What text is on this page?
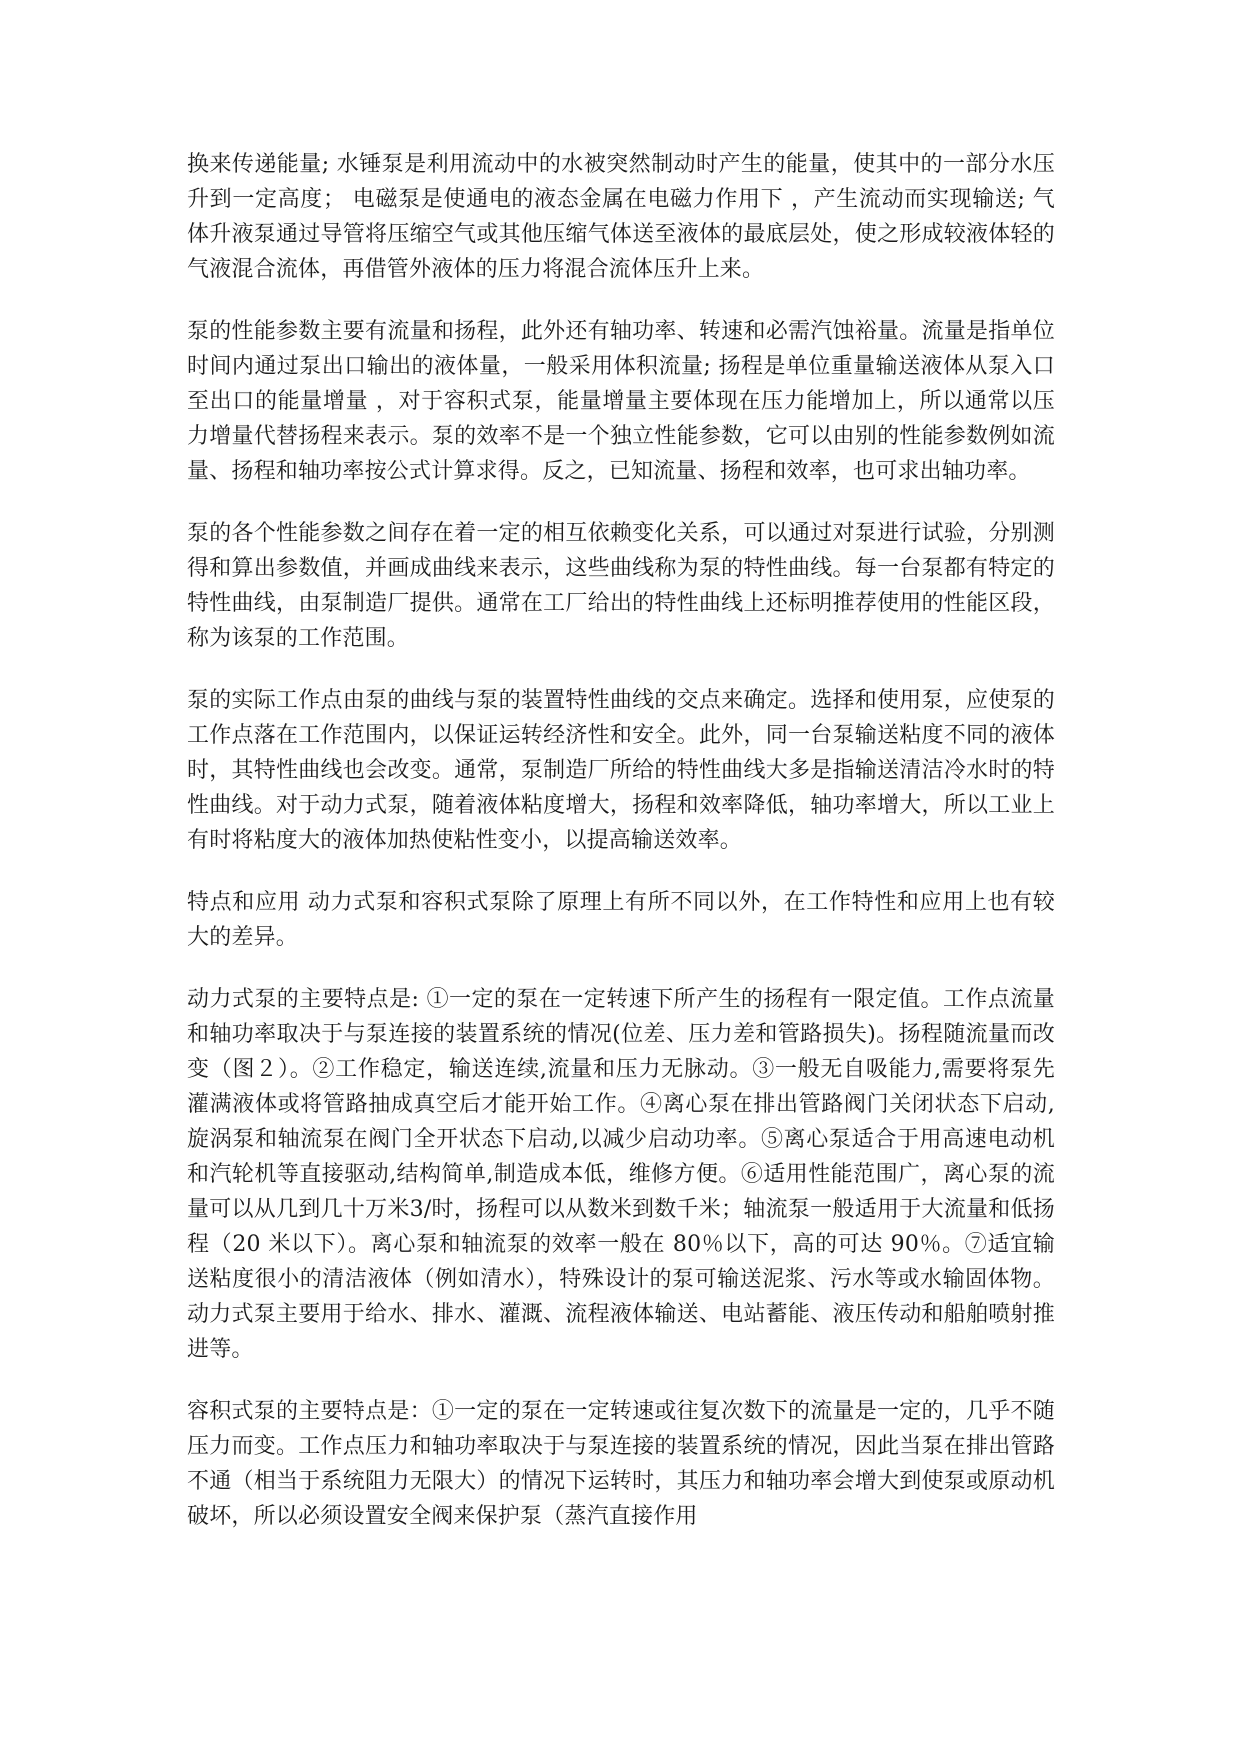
换来传递能量; 水锤泵是利用流动中的水被突然制动时产生的能量，使其中的一部分水压升到一定高度； 电磁泵是使通电的液态金属在电磁力作用下 ，产生流动而实现输送; 气体升液泵通过导管将压缩空气或其他压缩气体送至液体的最底层处，使之形成较液体轻的气液混合流体，再借管外液体的压力将混合流体压升上来。

泵的性能参数主要有流量和扬程，此外还有轴功率、转速和必需汽蚀裕量。流量是指单位时间内通过泵出口输出的液体量，一般采用体积流量; 扬程是单位重量输送液体从泵入口至出口的能量增量 ，对于容积式泵，能量增量主要体现在压力能增加上，所以通常以压力增量代替扬程来表示。泵的效率不是一个独立性能参数，它可以由别的性能参数例如流量、扬程和轴功率按公式计算求得。反之，已知流量、扬程和效率，也可求出轴功率。

泵的各个性能参数之间存在着一定的相互依赖变化关系，可以通过对泵进行试验，分别测得和算出参数值，并画成曲线来表示，这些曲线称为泵的特性曲线。每一台泵都有特定的特性曲线，由泵制造厂提供。通常在工厂给出的特性曲线上还标明推荐使用的性能区段，称为该泵的工作范围。

泵的实际工作点由泵的曲线与泵的装置特性曲线的交点来确定。选择和使用泵，应使泵的工作点落在工作范围内，以保证运转经济性和安全。此外，同一台泵输送粘度不同的液体时，其特性曲线也会改变。通常，泵制造厂所给的特性曲线大多是指输送清洁冷水时的特性曲线。对于动力式泵，随着液体粘度增大，扬程和效率降低，轴功率增大，所以工业上有时将粘度大的液体加热使粘性变小，以提高输送效率。

特点和应用 动力式泵和容积式泵除了原理上有所不同以外，在工作特性和应用上也有较大的差异。

动力式泵的主要特点是: ①一定的泵在一定转速下所产生的扬程有一限定值。工作点流量和轴功率取决于与泵连接的装置系统的情况(位差、压力差和管路损失)。扬程随流量而改变（图２）。②工作稳定，输送连续,流量和压力无脉动。③一般无自吸能力,需要将泵先灌满液体或将管路抽成真空后才能开始工作。④离心泵在排出管路阀门关闭状态下启动,旋涡泵和轴流泵在阀门全开状态下启动,以减少启动功率。⑤离心泵适合于用高速电动机和汽轮机等直接驱动,结构简单,制造成本低，维修方便。⑥适用性能范围广，离心泵的流量可以从几到几十万米3/时，扬程可以从数米到数千米；轴流泵一般适用于大流量和低扬程（20 米以下）。离心泵和轴流泵的效率一般在 80％以下，高的可达 90％。⑦适宜输送粘度很小的清洁液体（例如清水），特殊设计的泵可输送泥浆、污水等或水输固体物。动力式泵主要用于给水、排水、灌溉、流程液体输送、电站蓄能、液压传动和船舶喷射推进等。

容积式泵的主要特点是：①一定的泵在一定转速或往复次数下的流量是一定的，几乎不随压力而变。工作点压力和轴功率取决于与泵连接的装置系统的情况，因此当泵在排出管路不通（相当于系统阻力无限大）的情况下运转时，其压力和轴功率会增大到使泵或原动机破坏，所以必须设置安全阀来保护泵（蒸汽直接作用
